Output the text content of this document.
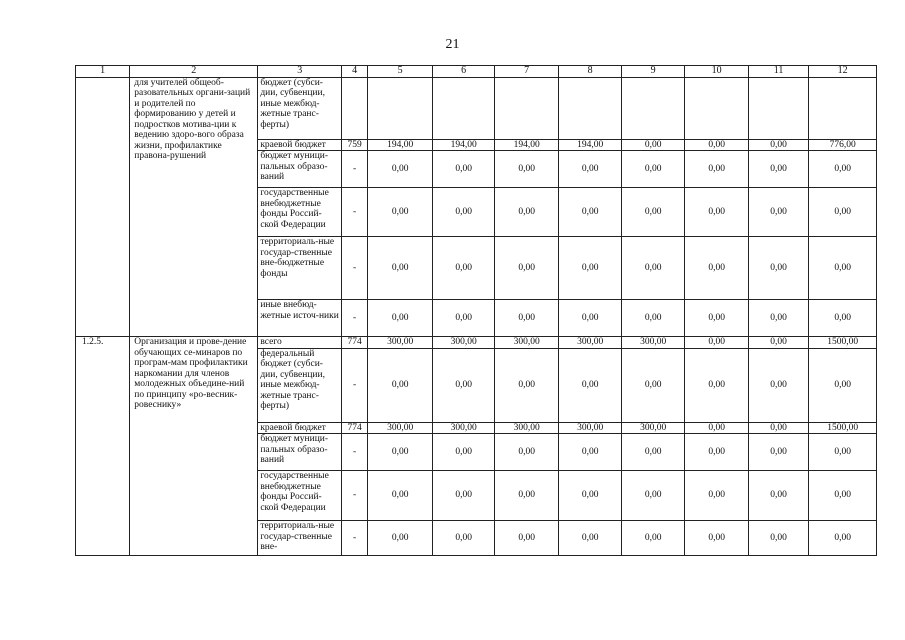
21
1	2	3	4	5	6	7	8	9	10	11	12
	для учителей общеоб-разовательных органи-заций и родителей по формированию у детей и подростков мотива-ции к ведению здоро-вого образа жизни, профилактике правона-рушений	бюджет (субси-дии, субвенции, иные межбюд-жетные транс-ферты)									
		краевой бюджет	759	194,00	194,00	194,00	194,00	0,00	0,00	0,00	776,00
		бюджет муници-пальных образо-ваний	-	0,00	0,00	0,00	0,00	0,00	0,00	0,00	0,00
		государственные внебюджетные фонды Россий-ской Федерации	-	0,00	0,00	0,00	0,00	0,00	0,00	0,00	0,00
		территориаль-ные государ-ственные вне-бюджетные фонды	-	0,00	0,00	0,00	0,00	0,00	0,00	0,00	0,00
		иные внебюд-жетные источ-ники	-	0,00	0,00	0,00	0,00	0,00	0,00	0,00	0,00
1.2.5.	Организация и прове-дение обучающих се-минаров по програм-мам профилактики наркомании для членов молодежных объедине-ний по принципу «ро-весник-ровеснику»	всего	774	300,00	300,00	300,00	300,00	300,00	0,00	0,00	1500,00
		федеральный бюджет (субси-дии, субвенции, иные межбюд-жетные транс-ферты)	-	0,00	0,00	0,00	0,00	0,00	0,00	0,00	0,00
		краевой бюджет	774	300,00	300,00	300,00	300,00	300,00	0,00	0,00	1500,00
		бюджет муници-пальных образо-ваний	-	0,00	0,00	0,00	0,00	0,00	0,00	0,00	0,00
		государственные внебюджетные фонды Россий-ской Федерации	-	0,00	0,00	0,00	0,00	0,00	0,00	0,00	0,00
		территориаль-ные государ-ственные вне-	-	0,00	0,00	0,00	0,00	0,00	0,00	0,00	0,00
